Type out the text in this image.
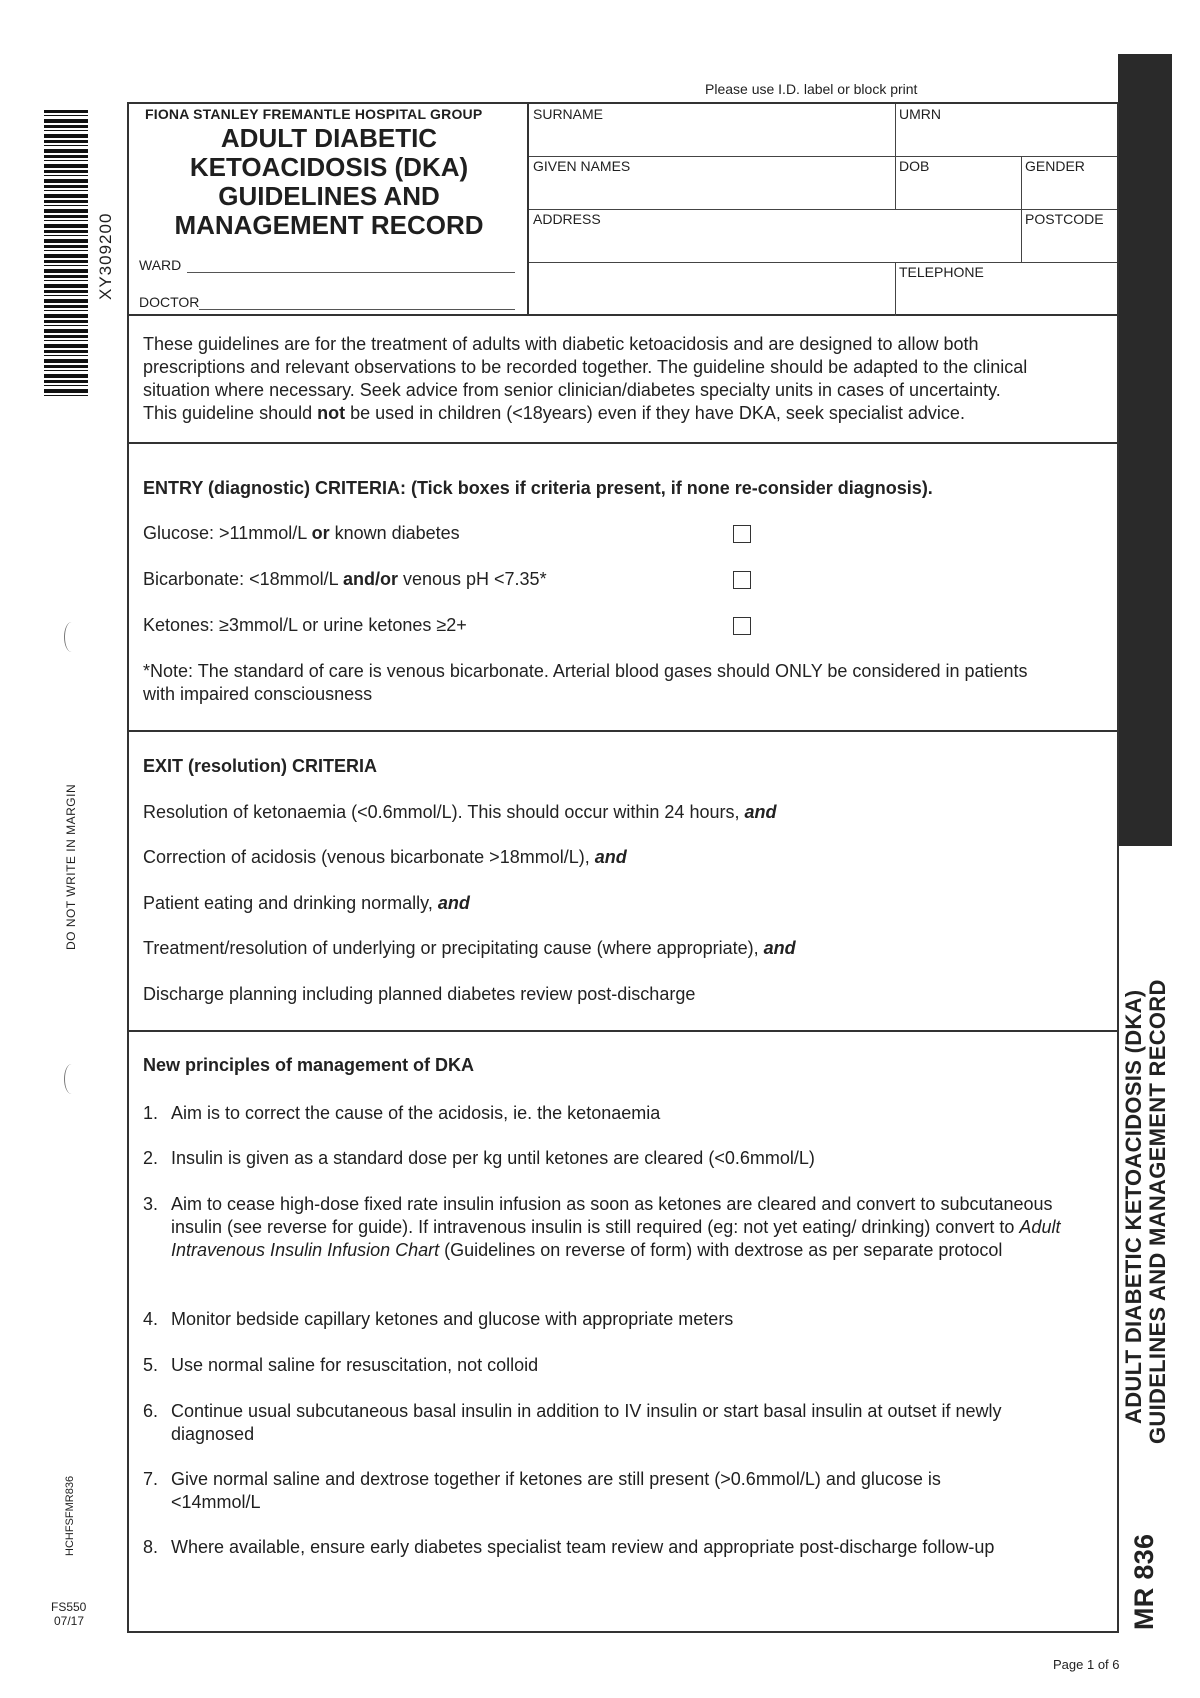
XY309200
DO NOT WRITE IN MARGIN
HCHFSFMR836
FS550
07/17
ADULT DIABETIC KETOACIDOSIS (DKA) GUIDELINES AND MANAGEMENT RECORD
MR 836
Please use I.D. label or block print
FIONA STANLEY FREMANTLE HOSPITAL GROUP
ADULT DIABETIC
KETOACIDOSIS (DKA)
GUIDELINES AND
MANAGEMENT RECORD
WARD
DOCTOR
SURNAME	UMRN
GIVEN NAMES	DOB	GENDER
ADDRESS	POSTCODE
TELEPHONE
These guidelines are for the treatment of adults with diabetic ketoacidosis and are designed to allow both
prescriptions and relevant observations to be recorded together. The guideline should be adapted to the clinical
situation where necessary. Seek advice from senior clinician/diabetes specialty units in cases of uncertainty.
This guideline should not be used in children (<18years) even if they have DKA, seek specialist advice.
ENTRY (diagnostic) CRITERIA: (Tick boxes if criteria present, if none re-consider diagnosis).
Glucose: >11mmol/L or known diabetes
Bicarbonate: <18mmol/L and/or venous pH <7.35*
Ketones: ≥3mmol/L or urine ketones ≥2+
*Note: The standard of care is venous bicarbonate. Arterial blood gases should ONLY be considered in patients
with impaired consciousness
EXIT (resolution) CRITERIA
Resolution of ketonaemia (<0.6mmol/L). This should occur within 24 hours, and
Correction of acidosis (venous bicarbonate >18mmol/L), and
Patient eating and drinking normally, and
Treatment/resolution of underlying or precipitating cause (where appropriate), and
Discharge planning including planned diabetes review post-discharge
New principles of management of DKA
1. Aim is to correct the cause of the acidosis, ie. the ketonaemia
2. Insulin is given as a standard dose per kg until ketones are cleared (<0.6mmol/L)
3. Aim to cease high-dose fixed rate insulin infusion as soon as ketones are cleared and convert to subcutaneous insulin (see reverse for guide). If intravenous insulin is still required (eg: not yet eating/ drinking) convert to Adult Intravenous Insulin Infusion Chart (Guidelines on reverse of form) with dextrose as per separate protocol
4. Monitor bedside capillary ketones and glucose with appropriate meters
5. Use normal saline for resuscitation, not colloid
6. Continue usual subcutaneous basal insulin in addition to IV insulin or start basal insulin at outset if newly diagnosed
7. Give normal saline and dextrose together if ketones are still present (>0.6mmol/L) and glucose is <14mmol/L
8. Where available, ensure early diabetes specialist team review and appropriate post-discharge follow-up
Page 1 of 6
